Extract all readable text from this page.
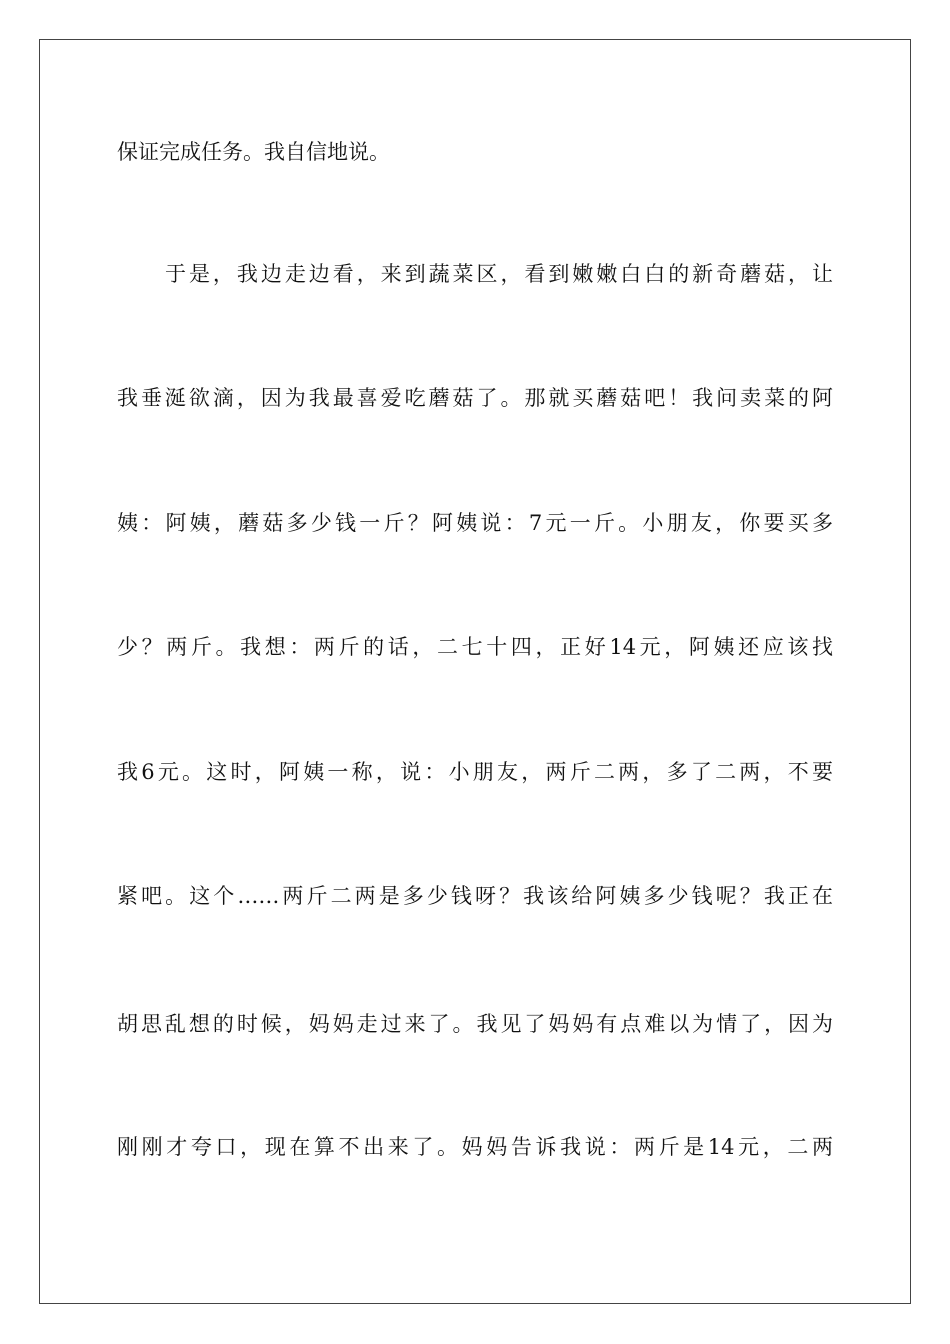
保证完成任务。我自信地说。
于是，我边走边看，来到蔬菜区，看到嫩嫩白白的新奇蘑菇，让
我垂涎欲滴，因为我最喜爱吃蘑菇了。那就买蘑菇吧！我问卖菜的阿
姨：阿姨，蘑菇多少钱一斤？阿姨说：7元一斤。小朋友，你要买多
少？两斤。我想：两斤的话，二七十四，正好14元，阿姨还应该找
我6元。这时，阿姨一称，说：小朋友，两斤二两，多了二两，不要
紧吧。这个……两斤二两是多少钱呀？我该给阿姨多少钱呢？我正在
胡思乱想的时候，妈妈走过来了。我见了妈妈有点难以为情了，因为
刚刚才夸口，现在算不出来了。妈妈告诉我说：两斤是14元，二两
